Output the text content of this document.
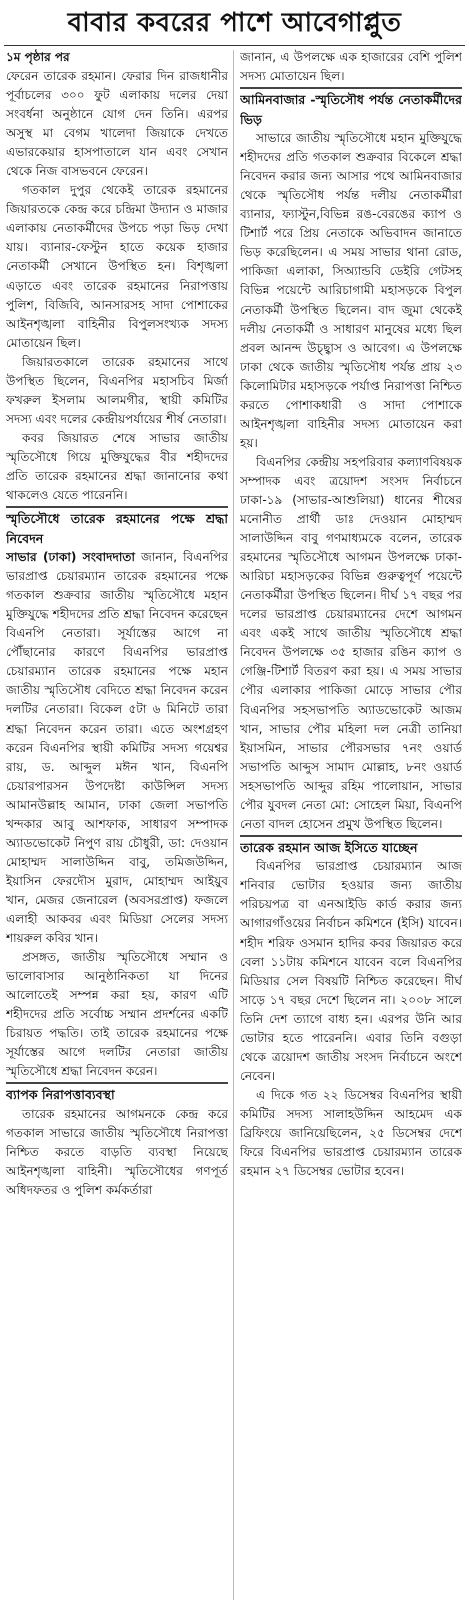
বাবার কবরের পাশে আবেগাপ্লুত
১ম পৃষ্ঠার পর

ফেরেন তারেক রহমান। ফেরার দিন রাজধানীর পূর্বাচলের ৩০০ ফুট এলাকায় দলের দেয়া সংবর্ধনা অনুষ্ঠানে যোগ দেন তিনি। এরপর অসুস্থ মা বেগম খালেদা জিয়াকে দেখতে এভারকেয়ার হাসপাতালে যান এবং সেখান থেকে নিজ বাসভবনে ফেরেন।

গতকাল দুপুর থেকেই তারেক রহমানের জিয়ারতকে কেন্দ্র করে চন্দ্রিমা উদ্যান ও মাজার এলাকায় নেতাকর্মীদের উপচে পড়া ভিড় দেখা যায়। ব্যানার-ফেস্টুন হাতে কয়েক হাজার নেতাকর্মী সেখানে উপস্থিত হন। বিশৃঙ্খলা এড়াতে এবং তারেক রহমানের নিরাপত্তায় পুলিশ, বিজিবি, আনসারসহ সাদা পোশাকের আইনশৃঙ্খলা বাহিনীর বিপুলসংখ্যক সদস্য মোতায়েন ছিল।

জিয়ারতকালে তারেক রহমানের সাথে উপস্থিত ছিলেন, বিএনপির মহাসচিব মির্জা ফখরুল ইসলাম আলমগীর, স্থায়ী কমিটির সদস্য এবং দলের কেন্দ্রীয়পর্যায়ের শীর্ষ নেতারা।

কবর জিয়ারত শেষে সাভার জাতীয় স্মৃতিসৌধে গিয়ে মুক্তিযুদ্ধের বীর শহীদদের প্রতি তারেক রহমানের শ্রদ্ধা জানানোর কথা থাকলেও যেতে পারেননি।

স্মৃতিসৌধে তারেক রহমানের পক্ষে শ্রদ্ধা নিবেদন

সাভার (ঢাকা) সংবাদদাতা জানান, বিএনপির ভারপ্রাপ্ত চেয়ারম্যান তারেক রহমানের পক্ষে গতকাল শুক্রবার জাতীয় স্মৃতিসৌধে মহান মুক্তিযুদ্ধে শহীদদের প্রতি শ্রদ্ধা নিবেদন করেছেন বিএনপি নেতারা। সূর্যাস্তের আগে না পৌঁছানোর কারণে বিএনপির ভারপ্রাপ্ত চেয়ারম্যান তারেক রহমানের পক্ষে মহান জাতীয় স্মৃতিসৌধ বেদিতে শ্রদ্ধা নিবেদন করেন দলটির নেতারা। বিকেল ৫টা ৬ মিনিটে তারা শ্রদ্ধা নিবেদন করেন তারা। এতে অংশগ্রহণ করেন বিএনপির স্থায়ী কমিটির সদস্য গয়েশ্বর রায়, ড. আব্দুল মঈন খান, বিএনপি চেয়ারপারসন উপদেষ্টা কাউন্সিল সদস্য আমানউল্লাহ আমান, ঢাকা জেলা সভাপতি খন্দকার আবু আশফাক, সাধারণ সম্পাদক অ্যাডভোকেট নিপুণ রায় চৌধুরী, ডা: দেওয়ান মোহাম্মদ সালাউদ্দিন বাবু, তমিজউদ্দিন, ইয়াসিন ফেরদৌস মুরাদ, মোহাম্মদ আইয়ুব খান, মেজর জেনারেল (অবসরপ্রাপ্ত) ফজলে এলাহী আকবর এবং মিডিয়া সেলের সদস্য শায়রুল কবির খান।

প্রসঙ্গত, জাতীয় স্মৃতিসৌধে সম্মান ও ভালোবাসার আনুষ্ঠানিকতা যা দিনের আলোতেই সম্পন্ন করা হয়, কারণ এটি শহীদদের প্রতি সর্বোচ্চ সম্মান প্রদর্শনের একটি চিরায়ত পদ্ধতি। তাই তারেক রহমানের পক্ষে সূর্যাস্তের আগে দলটির নেতারা জাতীয় স্মৃতিসৌধে শ্রদ্ধা নিবেদন করেন।

ব্যাপক নিরাপত্তাব্যবস্থা

তারেক রহমানের আগমনকে কেন্দ্র করে গতকাল সাভারে জাতীয় স্মৃতিসৌধে নিরাপত্তা নিশ্চিত করতে বাড়তি ব্যবস্থা নিয়েছে আইনশৃঙ্খলা বাহিনী। স্মৃতিসৌধের গণপূর্ত অধিদফতর ও পুলিশ কর্মকর্তারা

জানান, এ উপলক্ষে এক হাজারের বেশি পুলিশ সদস্য মোতায়েন ছিল।

আমিনবাজার -স্মৃতিসৌধ পর্যন্ত নেতাকর্মীদের ভিড়

সাভারে জাতীয় স্মৃতিসৌধে মহান মুক্তিযুদ্ধে শহীদদের প্রতি গতকাল শুক্রবার বিকেলে শ্রদ্ধা নিবেদন করার জন্য আসার পথে আমিনবাজার থেকে স্মৃতিসৌধ পর্যন্ত দলীয় নেতাকর্মীরা ব্যানার, ফ্যাস্টুন,বিভিন্ন রঙ-বেরঙের ক্যাপ ও টিশার্ট পরে প্রিয় নেতাকে অভিবাদন জানাতে ভিড় করেছিলেন। এ সময় সাভার থানা রোড, পাকিজা এলাকা, সিঅ্যান্ডবি ডেইরি গেটসহ বিভিন্ন পয়েন্টে আরিচাগামী মহাসড়কে বিপুল নেতাকর্মী উপস্থিত ছিলেন। বাদ জুমা থেকেই দলীয় নেতাকর্মী ও সাধারণ মানুষের মধ্যে ছিল প্রবল আনন্দ উচ্ছ্বাস ও আবেগ। এ উপলক্ষে ঢাকা থেকে জাতীয় স্মৃতিসৌধ পর্যন্ত প্রায় ২৩ কিলোমিটার মহাসড়কে পর্যাপ্ত নিরাপত্তা নিশ্চিত করতে পোশাকধারী ও সাদা পোশাকে আইনশৃঙ্খলা বাহিনীর সদস্য মোতায়েন করা হয়।

বিএনপির কেন্দ্রীয় সহপরিবার কল্যাণবিষয়ক সম্পাদক এবং ত্রয়োদশ সংসদ নির্বাচনে ঢাকা-১৯ (সাভার-আশুলিয়া) ধানের শীষের মনোনীত প্রার্থী ডাঃ দেওয়ান মোহাম্মদ সালাউদ্দিন বাবু গণমাধ্যমকে বলেন, তারেক রহমানের স্মৃতিসৌধে আগমন উপলক্ষে ঢাকা-আরিচা মহাসড়কের বিভিন্ন গুরুত্বপূর্ণ পয়েন্টে নেতাকর্মীরা উপস্থিত ছিলেন। দীর্ঘ ১৭ বছর পর দলের ভারপ্রাপ্ত চেয়ারম্যানের দেশে আগমন এবং একই সাথে জাতীয় স্মৃতিসৌধে শ্রদ্ধা নিবেদন উপলক্ষে ৩৫ হাজার রঙিন ক্যাপ ও গেঞ্জি-টিশার্ট বিতরণ করা হয়। এ সময় সাভার পৌর এলাকার পাকিজা মোড়ে সাভার পৌর বিএনপির সহসভাপতি অ্যাডভোকেট আজম খান, সাভার পৌর মহিলা দল নেত্রী তানিয়া ইয়াসমিন, সাভার পৌরসভার ৭নং ওয়ার্ড সভাপতি আব্দুস সামাদ মোল্লাহ, ৮নং ওয়ার্ড সহসভাপতি আব্দুর রহিম পালোয়ান, সাভার পৌর যুবদল নেতা মো: সোহেল মিয়া, বিএনপি নেতা বাদল হোসেন প্রমুখ উপস্থিত ছিলেন।

তারেক রহমান আজ ইসিতে যাচ্ছেন

বিএনপির ভারপ্রাপ্ত চেয়ারম্যান আজ শনিবার ভোটার হওয়ার জন্য জাতীয় পরিচয়পত্র বা এনআইডি কার্ড করার জন্য আগারগাঁওয়ের নির্বাচন কমিশনে (ইসি) যাবেন। শহীদ শরিফ ওসমান হাদির কবর জিয়ারত করে বেলা ১১টায় কমিশনে যাবেন বলে বিএনপির মিডিয়ার সেল বিষয়টি নিশ্চিত করেছেন। দীর্ঘ সাড়ে ১৭ বছর দেশে ছিলেন না। ২০০৮ সালে তিনি দেশ ত্যাগে বাধ্য হন। এরপর উনি আর ভোটার হতে পারেননি। এবার তিনি বগুড়া থেকে ত্রয়োদশ জাতীয় সংসদ নির্বাচনে অংশে নেবেন।

এ দিকে গত ২২ ডিসেম্বর বিএনপির স্থায়ী কমিটির সদস্য সালাহউদ্দিন আহমেদ এক ব্রিফিংয়ে জানিয়েছিলেন, ২৫ ডিসেম্বর দেশে ফিরে বিএনপির ভারপ্রাপ্ত চেয়ারম্যান তারেক রহমান ২৭ ডিসেম্বর ভোটার হবেন।
